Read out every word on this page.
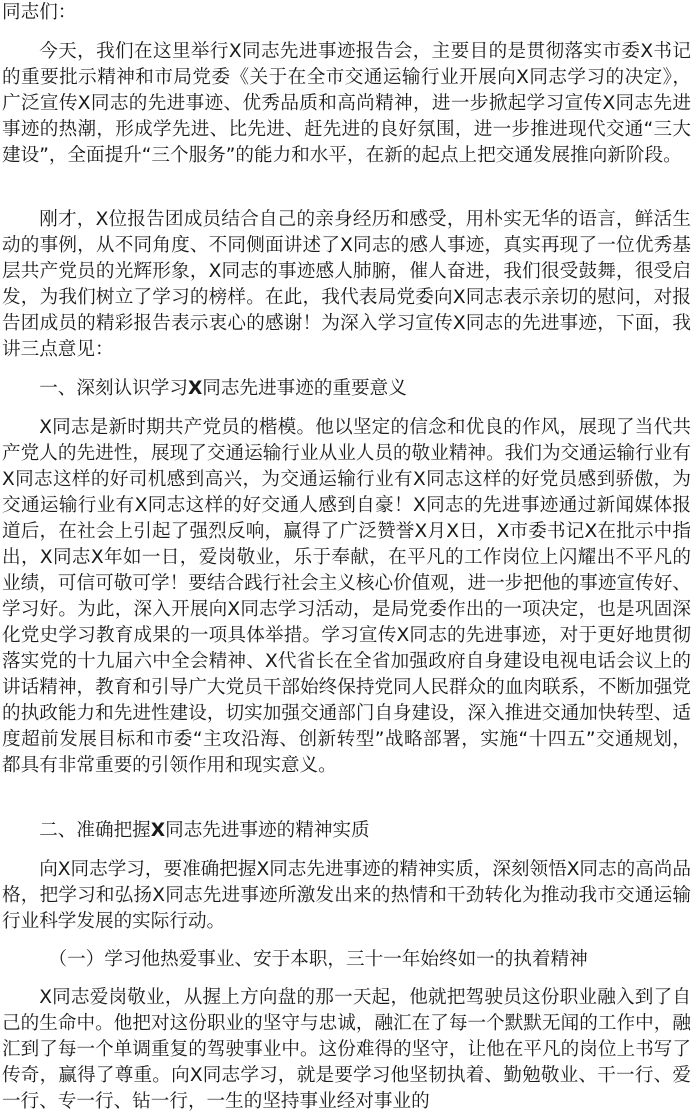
同志们：

今天，我们在这里举行X同志先进事迹报告会，主要目的是贯彻落实市委X书记的重要批示精神和市局党委《关于在全市交通运输行业开展向X同志学习的决定》，广泛宣传X同志的先进事迹、优秀品质和高尚精神，进一步掀起学习宣传X同志先进事迹的热潮，形成学先进、比先进、赶先进的良好氛围，进一步推进现代交通“三大建设”，全面提升“三个服务”的能力和水平，在新的起点上把交通发展推向新阶段。

刚才，X位报告团成员结合自己的亲身经历和感受，用朴实无华的语言，鲜活生动的事例，从不同角度、不同侧面讲述了X同志的感人事迹，真实再现了一位优秀基层共产党员的光辉形象，X同志的事迹感人肺腑，催人奋进，我们很受鼓舞，很受启发，为我们树立了学习的榜样。在此，我代表局党委向X同志表示亲切的慰问，对报告团成员的精彩报告表示衷心的感谢！为深入学习宣传X同志的先进事迹，下面，我讲三点意见：

一、深刻认识学习X同志先进事迹的重要意义

X同志是新时期共产党员的楷模。他以坚定的信念和优良的作风，展现了当代共产党人的先进性，展现了交通运输行业从业人员的敬业精神。我们为交通运输行业有X同志这样的好司机感到高兴，为交通运输行业有X同志这样的好党员感到骄傲，为交通运输行业有X同志这样的好交通人感到自豪！X同志的先进事迹通过新闻媒体报道后，在社会上引起了强烈反响，赢得了广泛赞誉X月X日，X市委书记X在批示中指出，X同志X年如一日，爱岗敬业，乐于奉献，在平凡的工作岗位上闪耀出不平凡的业绩，可信可敬可学！要结合践行社会主义核心价值观，进一步把他的事迹宣传好、学习好。为此，深入开展向X同志学习活动，是局党委作出的一项决定，也是巩固深化党史学习教育成果的一项具体举措。学习宣传X同志的先进事迹，对于更好地贯彻落实党的十九届六中全会精神、X代省长在全省加强政府自身建设电视电话会议上的讲话精神，教育和引导广大党员干部始终保持党同人民群众的血肉联系，不断加强党的执政能力和先进性建设，切实加强交通部门自身建设，深入推进交通加快转型、适度超前发展目标和市委“主攻沿海、创新转型”战略部署，实施“十四五”交通规划，都具有非常重要的引领作用和现实意义。

二、准确把握X同志先进事迹的精神实质

向X同志学习，要准确把握X同志先进事迹的精神实质，深刻领悟X同志的高尚品格，把学习和弘扬X同志先进事迹所激发出来的热情和干劲转化为推动我市交通运输行业科学发展的实际行动。

（一）学习他热爱事业、安于本职，三十一年始终如一的执着精神

X同志爱岗敬业，从握上方向盘的那一天起，他就把驾驶员这份职业融入到了自己的生命中。他把对这份职业的坚守与忠诚，融汇在了每一个默默无闻的工作中，融汇到了每一个单调重复的驾驶事业中。这份难得的坚守，让他在平凡的岗位上书写了传奇，赢得了尊重。向X同志学习，就是要学习他坚韧执着、勤勉敬业、干一行、爱一行、专一行、钻一行，一生的坚持事业经对事业的
